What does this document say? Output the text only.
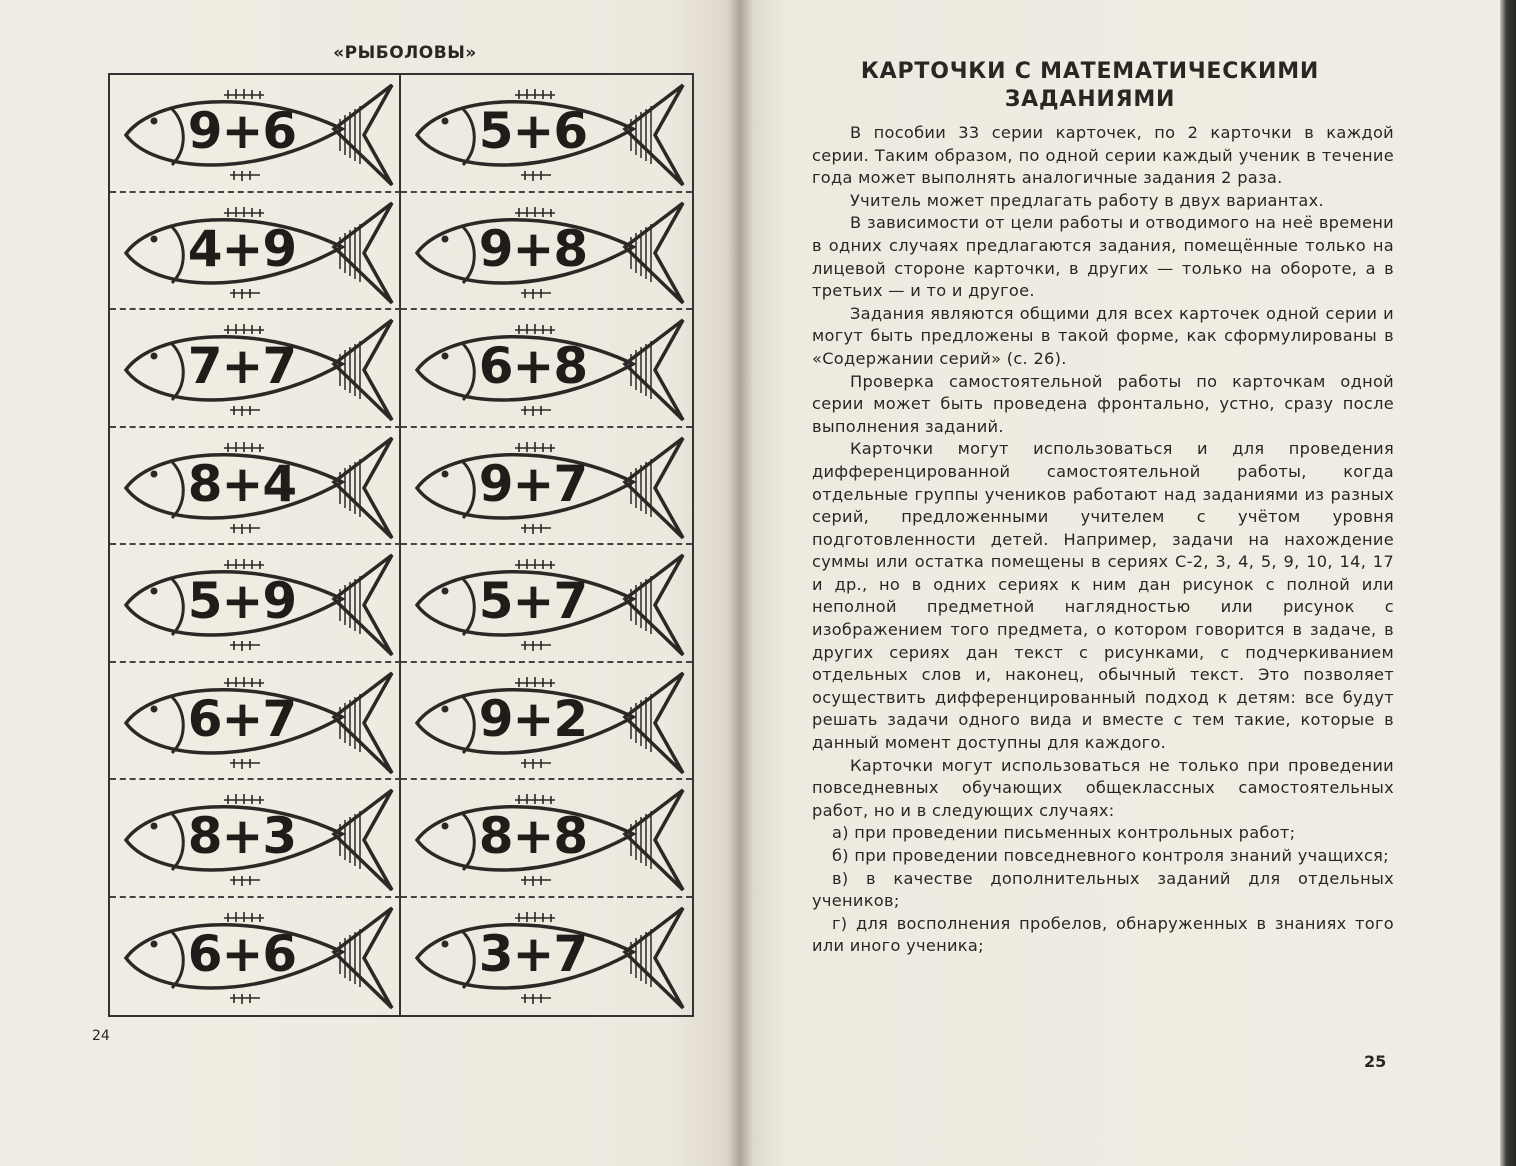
«РЫБОЛОВЫ»
9+6	5+6
4+9	9+8
7+7	6+8
8+4	9+7
5+9	5+7
6+7	9+2
8+3	8+8
6+6	3+7
24
КАРТОЧКИ С МАТЕМАТИЧЕСКИМИ
ЗАДАНИЯМИ

В пособии 33 серии карточек, по 2 карточки в каждой серии. Таким образом, по одной серии каждый ученик в течение года может выполнять аналогичные задания 2 раза.

Учитель может предлагать работу в двух вариантах.

В зависимости от цели работы и отводимого на неё времени в одних случаях предлагаются задания, помещённые только на лицевой стороне карточки, в других — только на обороте, а в третьих — и то и другое.

Задания являются общими для всех карточек одной серии и могут быть предложены в такой форме, как сформулированы в «Содержании серий» (с. 26).

Проверка самостоятельной работы по карточкам одной серии может быть проведена фронтально, устно, сразу после выполнения заданий.

Карточки могут использоваться и для проведения дифференцированной самостоятельной работы, когда отдельные группы учеников работают над заданиями из разных серий, предложенными учителем с учётом уровня подготовленности детей. Например, задачи на нахождение суммы или остатка помещены в сериях С-2, 3, 4, 5, 9, 10, 14, 17 и др., но в одних сериях к ним дан рисунок с полной или неполной предметной наглядностью или рисунок с изображением того предмета, о котором говорится в задаче, в других сериях дан текст с рисунками, с подчеркиванием отдельных слов и, наконец, обычный текст. Это позволяет осуществить дифференцированный подход к детям: все будут решать задачи одного вида и вместе с тем такие, которые в данный момент доступны для каждого.

Карточки могут использоваться не только при проведении повседневных обучающих общеклассных самостоятельных работ, но и в следующих случаях:

а) при проведении письменных контрольных работ;

б) при проведении повседневного контроля знаний учащихся;

в) в качестве дополнительных заданий для отдельных учеников;

г) для восполнения пробелов, обнаруженных в знаниях того или иного ученика;

25
